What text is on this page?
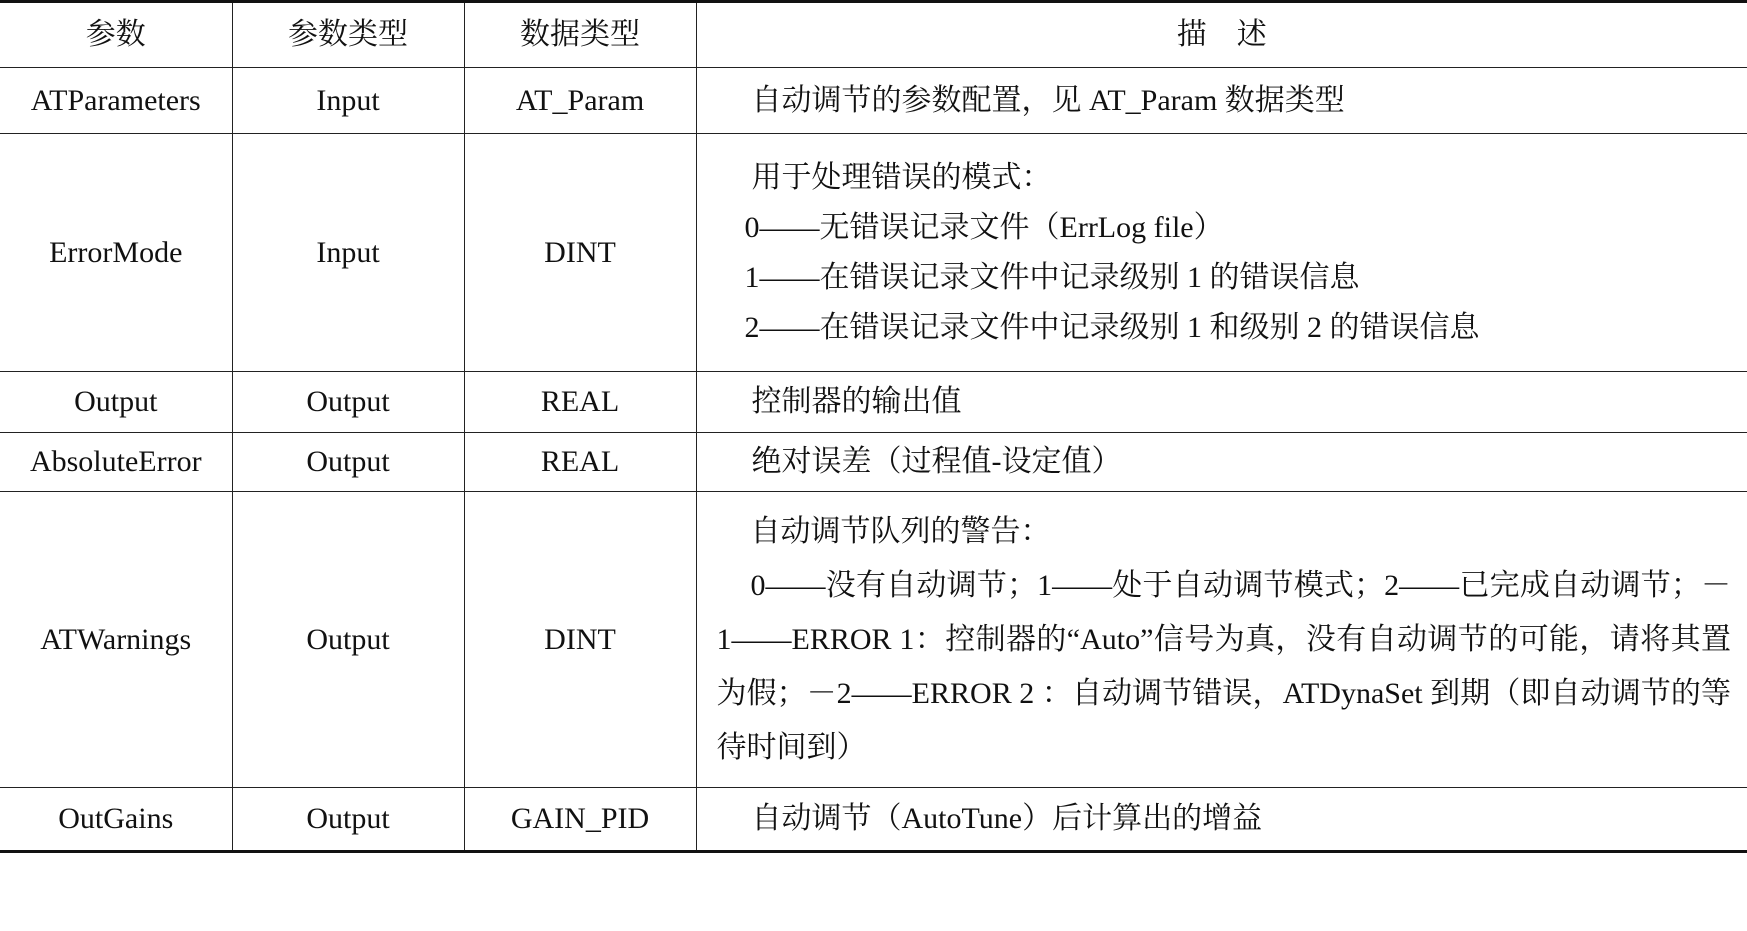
参数	参数类型	数据类型	描　述
ATParameters	Input	AT_Param	自动调节的参数配置，见 AT_Param 数据类型

ErrorMode	Input	DINT	用于处理错误的模式：
0——无错误记录文件（ErrLog file）
1——在错误记录文件中记录级别 1 的错误信息
2——在错误记录文件中记录级别 1 和级别 2 的错误信息

Output	Output	REAL	控制器的输出值

AbsoluteError	Output	REAL	绝对误差（过程值-设定值）

ATWarnings	Output	DINT	自动调节队列的警告：
0——没有自动调节；1——处于自动调节模式；2——已完成自动调节；－1——ERROR 1：控制器的“Auto”信号为真，没有自动调节的可能，请将其置为假；－2——ERROR 2 ：自动调节错误，ATDynaSet 到期（即自动调节的等待时间到）

OutGains	Output	GAIN_PID	自动调节（AutoTune）后计算出的增益
